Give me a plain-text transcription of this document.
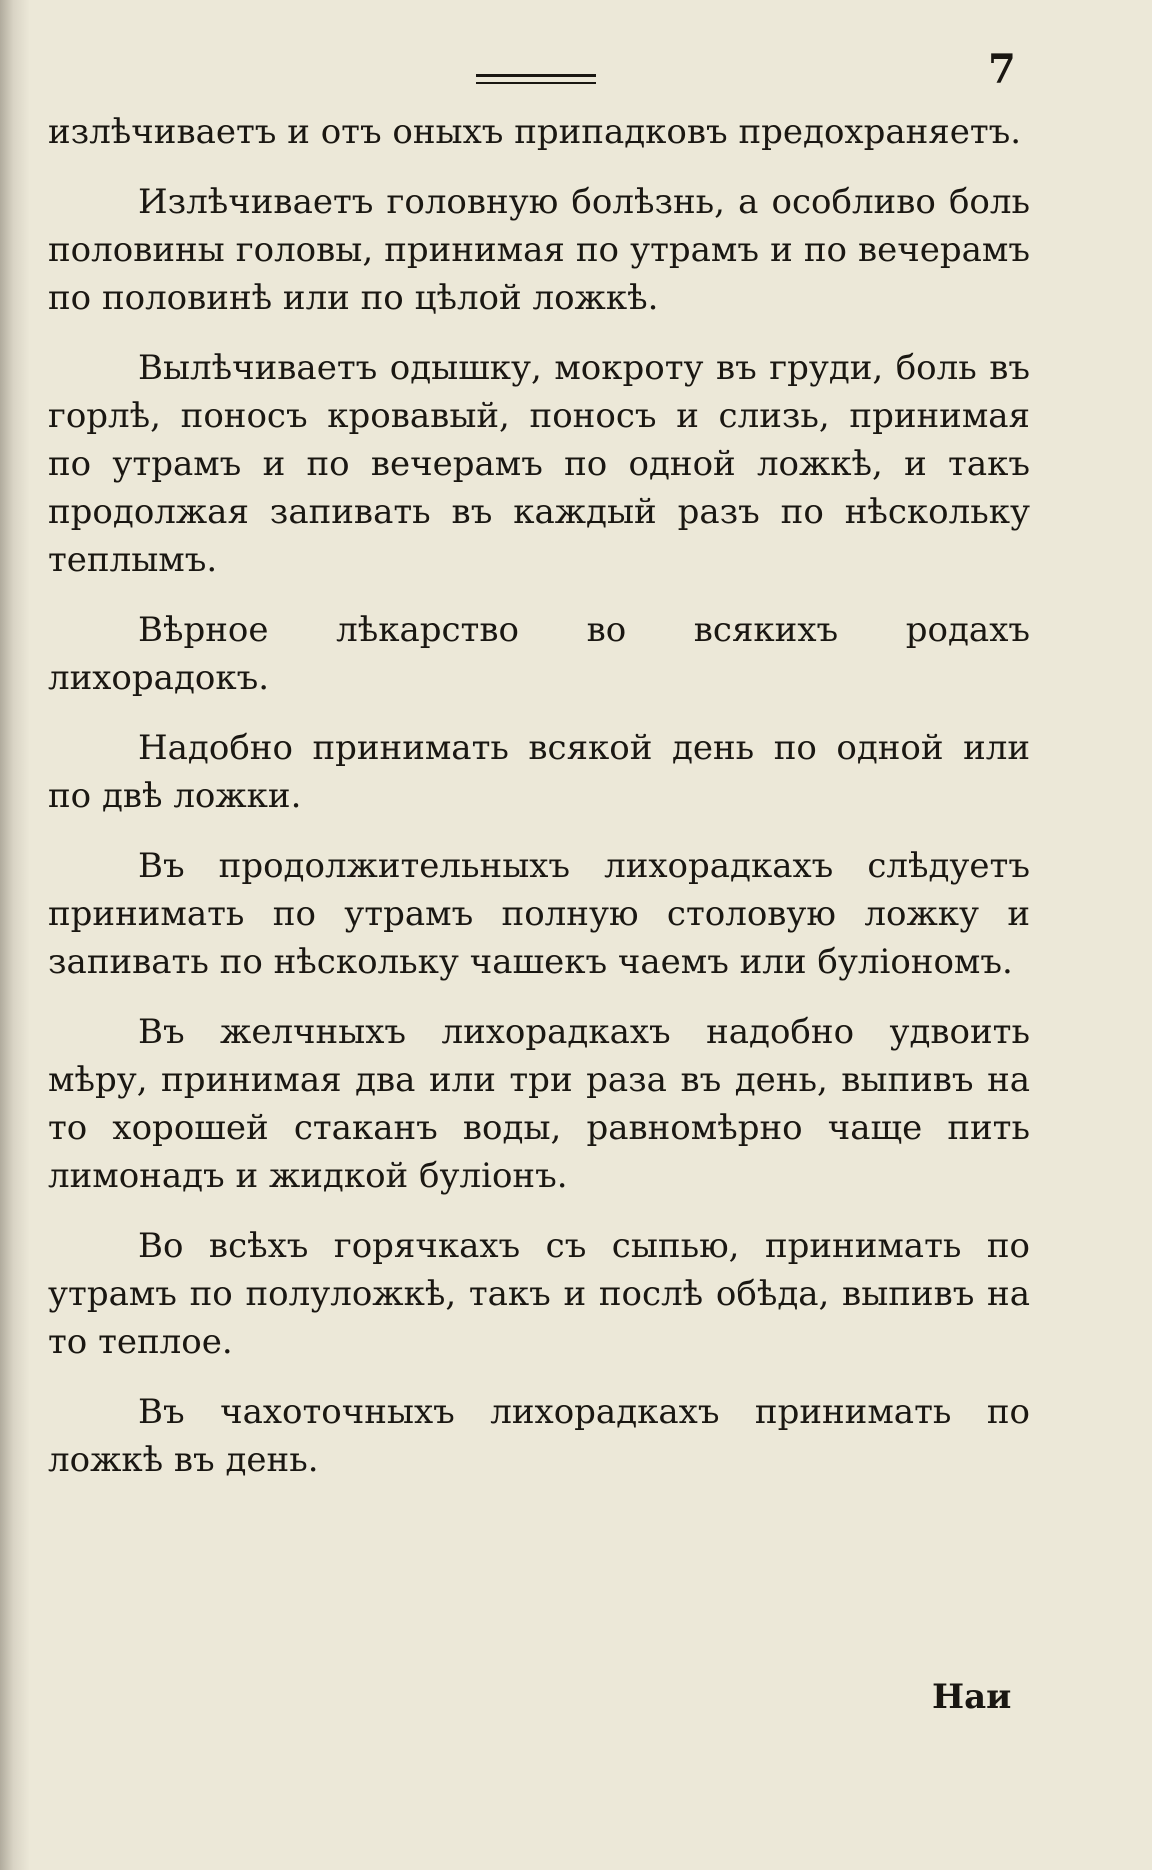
7

излѣчиваетъ и отъ оныхъ припадковъ предохраняетъ.

Излѣчиваетъ головную болѣзнь, а особливо боль половины головы, принимая по утрамъ и по вечерамъ по половинѣ или по цѣлой ложкѣ.

Вылѣчиваетъ одышку, мокроту въ груди, боль въ горлѣ, поносъ кровавый, поносъ и слизь, принимая по утрамъ и по вечерамъ по одной ложкѣ, и такъ продолжая запивать въ каждый разъ по нѣскольку теплымъ.

Вѣрное лѣкарство во всякихъ родахъ лихорадокъ.

Надобно принимать всякой день по одной или по двѣ ложки.

Въ продолжительныхъ лихорадкахъ слѣдуетъ принимать по утрамъ полную столовую ложку и запивать по нѣскольку чашекъ чаемъ или буліономъ.

Въ желчныхъ лихорадкахъ надобно удвоить мѣру, принимая два или три раза въ день, выпивъ на то хорошей стаканъ воды, равномѣрно чаще пить лимонадъ и жидкой буліонъ.

Во всѣхъ горячкахъ съ сыпью, принимать по утрамъ по полуложкѣ, такъ и послѣ обѣда, выпивъ на то теплое.

Въ чахоточныхъ лихорадкахъ принимать по ложкѣ въ день.

Наи
